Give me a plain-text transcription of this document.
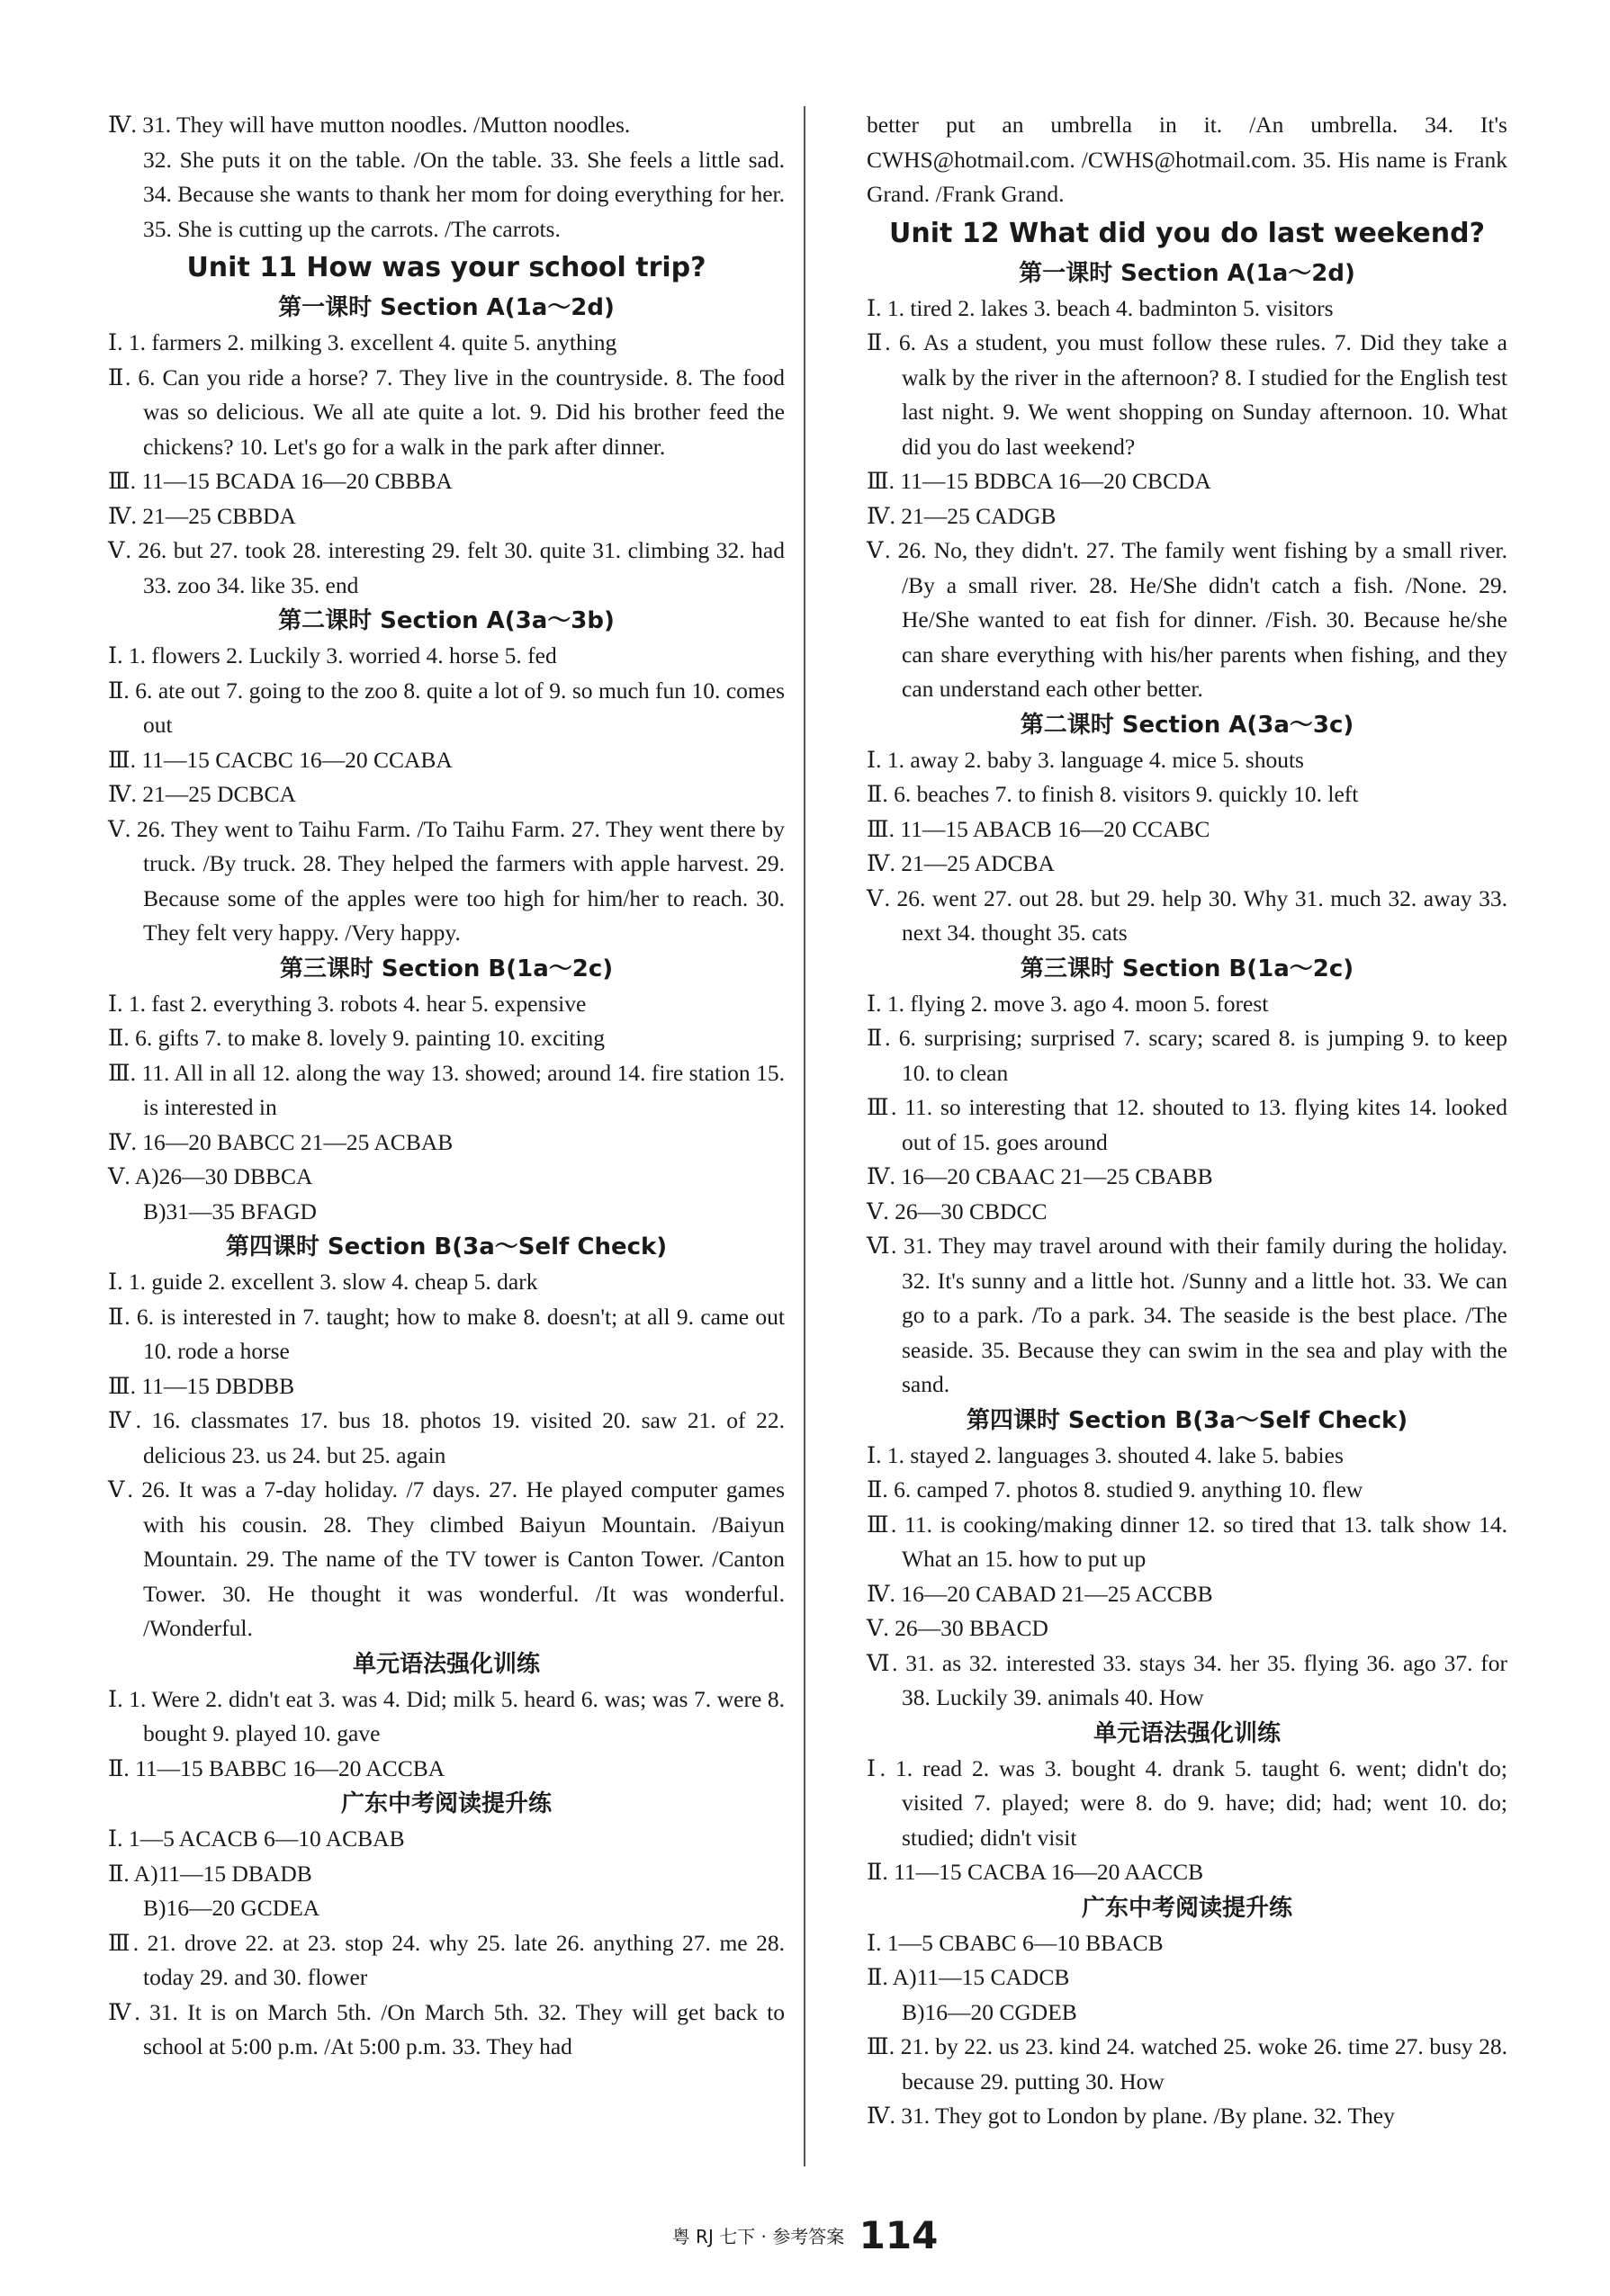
Ⅳ. 31. They will have mutton noodles. /Mutton noodles.

32. She puts it on the table. /On the table. 33. She feels a little sad. 34. Because she wants to thank her mom for doing everything for her. 35. She is cutting up the carrots. /The carrots.

Unit 11 How was your school trip?

第一课时 Section A(1a～2d)

Ⅰ. 1. farmers 2. milking 3. excellent 4. quite 5. anything

Ⅱ. 6. Can you ride a horse? 7. They live in the countryside. 8. The food was so delicious. We all ate quite a lot. 9. Did his brother feed the chickens? 10. Let's go for a walk in the park after dinner.

Ⅲ. 11—15 BCADA 16—20 CBBBA

Ⅳ. 21—25 CBBDA

Ⅴ. 26. but 27. took 28. interesting 29. felt 30. quite 31. climbing 32. had 33. zoo 34. like 35. end

第二课时 Section A(3a～3b)

Ⅰ. 1. flowers 2. Luckily 3. worried 4. horse 5. fed

Ⅱ. 6. ate out 7. going to the zoo 8. quite a lot of 9. so much fun 10. comes out

Ⅲ. 11—15 CACBC 16—20 CCABA

Ⅳ. 21—25 DCBCA

Ⅴ. 26. They went to Taihu Farm. /To Taihu Farm. 27. They went there by truck. /By truck. 28. They helped the farmers with apple harvest. 29. Because some of the apples were too high for him/her to reach. 30. They felt very happy. /Very happy.

第三课时 Section B(1a～2c)

Ⅰ. 1. fast 2. everything 3. robots 4. hear 5. expensive

Ⅱ. 6. gifts 7. to make 8. lovely 9. painting 10. exciting

Ⅲ. 11. All in all 12. along the way 13. showed; around 14. fire station 15. is interested in

Ⅳ. 16—20 BABCC 21—25 ACBAB

Ⅴ. A)26—30 DBBCA

B)31—35 BFAGD

第四课时 Section B(3a～Self Check)

Ⅰ. 1. guide 2. excellent 3. slow 4. cheap 5. dark

Ⅱ. 6. is interested in 7. taught; how to make 8. doesn't; at all 9. came out 10. rode a horse

Ⅲ. 11—15 DBDBB

Ⅳ. 16. classmates 17. bus 18. photos 19. visited 20. saw 21. of 22. delicious 23. us 24. but 25. again

Ⅴ. 26. It was a 7-day holiday. /7 days. 27. He played computer games with his cousin. 28. They climbed Baiyun Mountain. /Baiyun Mountain. 29. The name of the TV tower is Canton Tower. /Canton Tower. 30. He thought it was wonderful. /It was wonderful. /Wonderful.

单元语法强化训练

Ⅰ. 1. Were 2. didn't eat 3. was 4. Did; milk 5. heard 6. was; was 7. were 8. bought 9. played 10. gave

Ⅱ. 11—15 BABBC 16—20 ACCBA

广东中考阅读提升练

Ⅰ. 1—5 ACACB 6—10 ACBAB

Ⅱ. A)11—15 DBADB

B)16—20 GCDEA

Ⅲ. 21. drove 22. at 23. stop 24. why 25. late 26. anything 27. me 28. today 29. and 30. flower

Ⅳ. 31. It is on March 5th. /On March 5th. 32. They will get back to school at 5:00 p.m. /At 5:00 p.m. 33. They had

better put an umbrella in it. /An umbrella. 34. It's CWHS@hotmail.com. /CWHS@hotmail.com. 35. His name is Frank Grand. /Frank Grand.

Unit 12 What did you do last weekend?

第一课时 Section A(1a～2d)

Ⅰ. 1. tired 2. lakes 3. beach 4. badminton 5. visitors

Ⅱ. 6. As a student, you must follow these rules. 7. Did they take a walk by the river in the afternoon? 8. I studied for the English test last night. 9. We went shopping on Sunday afternoon. 10. What did you do last weekend?

Ⅲ. 11—15 BDBCA 16—20 CBCDA

Ⅳ. 21—25 CADGB

Ⅴ. 26. No, they didn't. 27. The family went fishing by a small river. /By a small river. 28. He/She didn't catch a fish. /None. 29. He/She wanted to eat fish for dinner. /Fish. 30. Because he/she can share everything with his/her parents when fishing, and they can understand each other better.

第二课时 Section A(3a～3c)

Ⅰ. 1. away 2. baby 3. language 4. mice 5. shouts

Ⅱ. 6. beaches 7. to finish 8. visitors 9. quickly 10. left

Ⅲ. 11—15 ABACB 16—20 CCABC

Ⅳ. 21—25 ADCBA

Ⅴ. 26. went 27. out 28. but 29. help 30. Why 31. much 32. away 33. next 34. thought 35. cats

第三课时 Section B(1a～2c)

Ⅰ. 1. flying 2. move 3. ago 4. moon 5. forest

Ⅱ. 6. surprising; surprised 7. scary; scared 8. is jumping 9. to keep 10. to clean

Ⅲ. 11. so interesting that 12. shouted to 13. flying kites 14. looked out of 15. goes around

Ⅳ. 16—20 CBAAC 21—25 CBABB

Ⅴ. 26—30 CBDCC

Ⅵ. 31. They may travel around with their family during the holiday. 32. It's sunny and a little hot. /Sunny and a little hot. 33. We can go to a park. /To a park. 34. The seaside is the best place. /The seaside. 35. Because they can swim in the sea and play with the sand.

第四课时 Section B(3a～Self Check)

Ⅰ. 1. stayed 2. languages 3. shouted 4. lake 5. babies

Ⅱ. 6. camped 7. photos 8. studied 9. anything 10. flew

Ⅲ. 11. is cooking/making dinner 12. so tired that 13. talk show 14. What an 15. how to put up

Ⅳ. 16—20 CABAD 21—25 ACCBB

Ⅴ. 26—30 BBACD

Ⅵ. 31. as 32. interested 33. stays 34. her 35. flying 36. ago 37. for 38. Luckily 39. animals 40. How

单元语法强化训练

Ⅰ. 1. read 2. was 3. bought 4. drank 5. taught 6. went; didn't do; visited 7. played; were 8. do 9. have; did; had; went 10. do; studied; didn't visit

Ⅱ. 11—15 CACBA 16—20 AACCB

广东中考阅读提升练

Ⅰ. 1—5 CBABC 6—10 BBACB

Ⅱ. A)11—15 CADCB

B)16—20 CGDEB

Ⅲ. 21. by 22. us 23. kind 24. watched 25. woke 26. time 27. busy 28. because 29. putting 30. How

Ⅳ. 31. They got to London by plane. /By plane. 32. They

粤 RJ 七下 · 参考答案 114
